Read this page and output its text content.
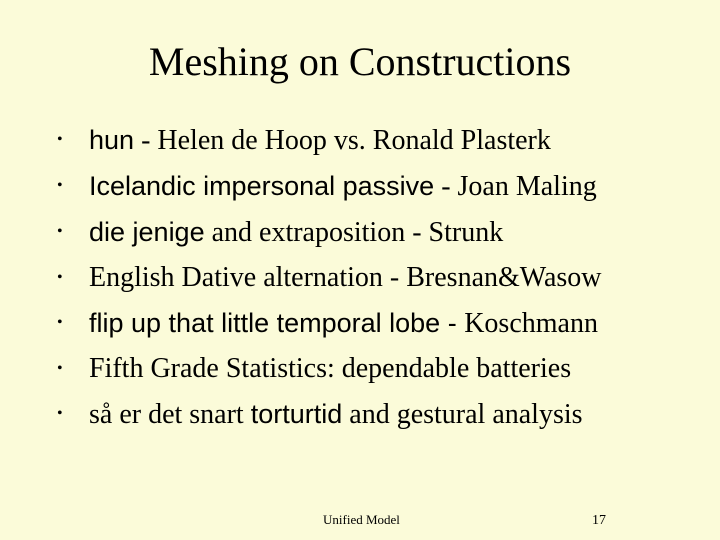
Meshing on Constructions
• hun - Helen de Hoop vs. Ronald Plasterk
• Icelandic impersonal passive - Joan Maling
• die jenige and extraposition - Strunk
• English Dative alternation - Bresnan&Wasow
• flip up that little temporal lobe - Koschmann
• Fifth Grade Statistics: dependable batteries
• så er det snart torturtid and gestural analysis
Unified Model	17
